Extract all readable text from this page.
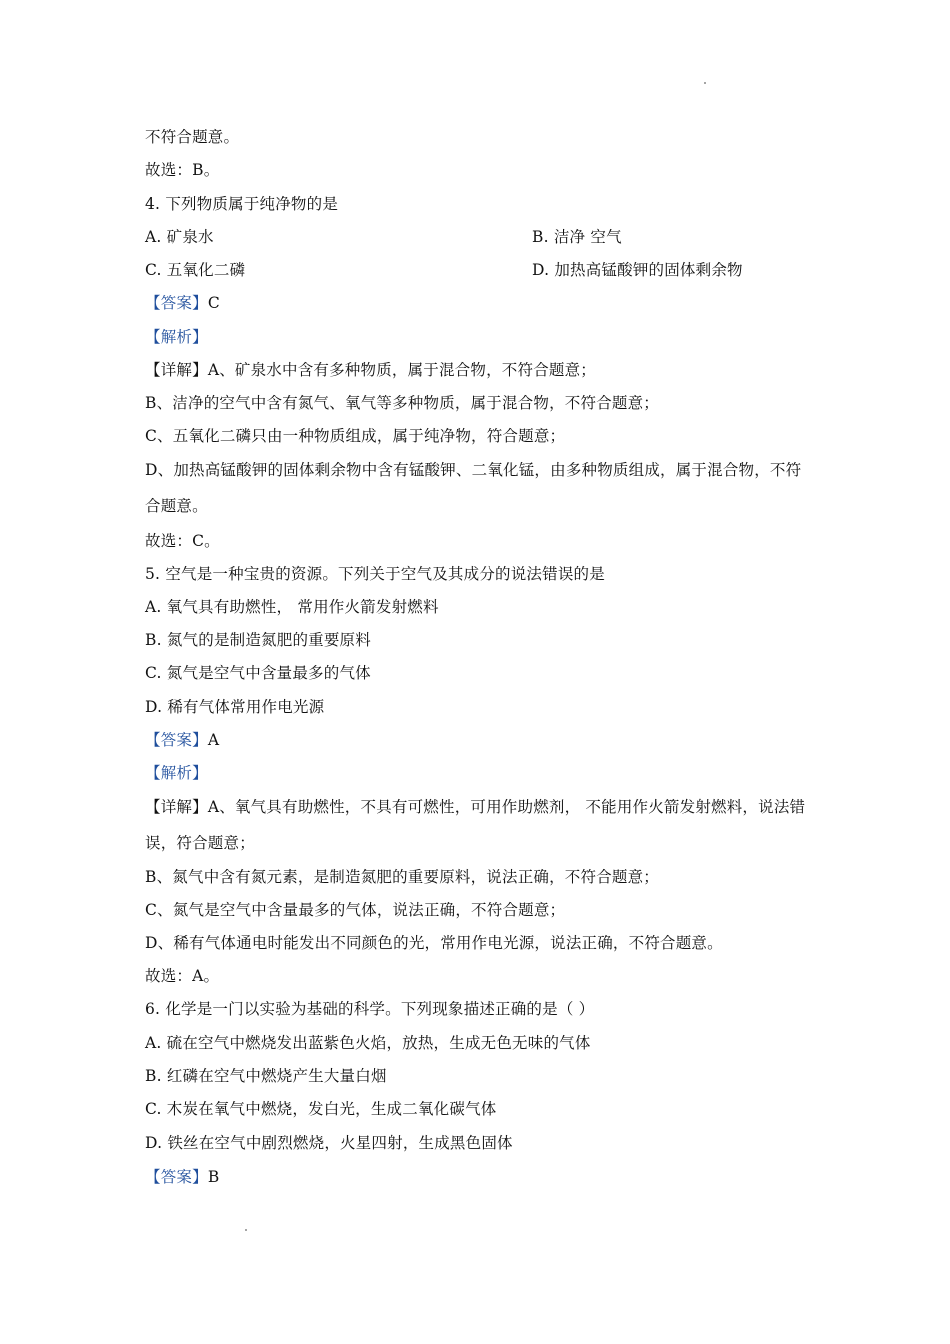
不符合题意。
故选：B。
4. 下列物质属于纯净物的是
A. 矿泉水	B. 洁净 空气
C. 五氧化二磷	D. 加热高锰酸钾的固体剩余物
【答案】C
【解析】
【详解】A、矿泉水中含有多种物质，属于混合物，不符合题意；
B、洁净的空气中含有氮气、氧气等多种物质，属于混合物，不符合题意；
C、五氧化二磷只由一种物质组成，属于纯净物，符合题意；
D、加热高锰酸钾的固体剩余物中含有锰酸钾、二氧化锰，由多种物质组成，属于混合物，不符
合题意。
故选：C。
5. 空气是一种宝贵的资源。下列关于空气及其成分的说法错误的是
A. 氧气具有助燃性， 常用作火箭发射燃料
B. 氮气的是制造氮肥的重要原料
C. 氮气是空气中含量最多的气体
D. 稀有气体常用作电光源
【答案】A
【解析】
【详解】A、氧气具有助燃性，不具有可燃性，可用作助燃剂， 不能用作火箭发射燃料，说法错
误，符合题意；
B、氮气中含有氮元素，是制造氮肥的重要原料，说法正确，不符合题意；
C、氮气是空气中含量最多的气体，说法正确，不符合题意；
D、稀有气体通电时能发出不同颜色的光，常用作电光源，说法正确，不符合题意。
故选：A。
6. 化学是一门以实验为基础的科学。下列现象描述正确的是（ ）
A. 硫在空气中燃烧发出蓝紫色火焰，放热，生成无色无味的气体
B. 红磷在空气中燃烧产生大量白烟
C. 木炭在氧气中燃烧，发白光，生成二氧化碳气体
D. 铁丝在空气中剧烈燃烧，火星四射，生成黑色固体
【答案】B
